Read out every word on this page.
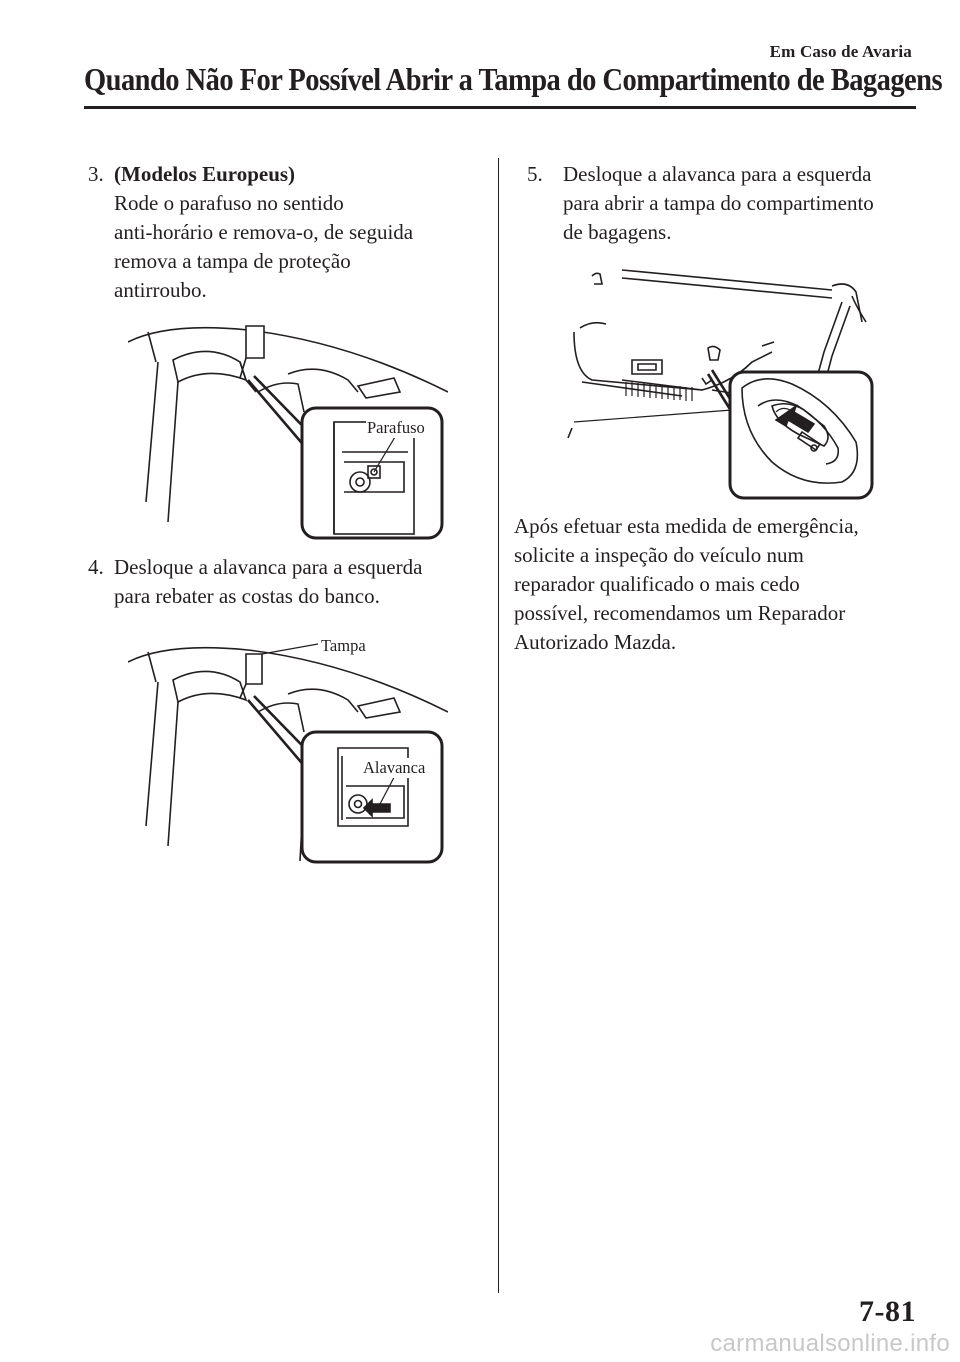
Em Caso de Avaria
Quando Não For Possível Abrir a Tampa do Compartimento de Bagagens
3. (Modelos Europeus)
Rode o parafuso no sentido
anti-horário e remova-o, de seguida
remova a tampa de proteção
antirroubo.
Parafuso
4. Desloque a alavanca para a esquerda
para rebater as costas do banco.
Tampa
Alavanca
5. Desloque a alavanca para a esquerda
para abrir a tampa do compartimento
de bagagens.
Após efetuar esta medida de emergência,
solicite a inspeção do veículo num
reparador qualificado o mais cedo
possível, recomendamos um Reparador
Autorizado Mazda.
7-81
carmanualsonline.info
